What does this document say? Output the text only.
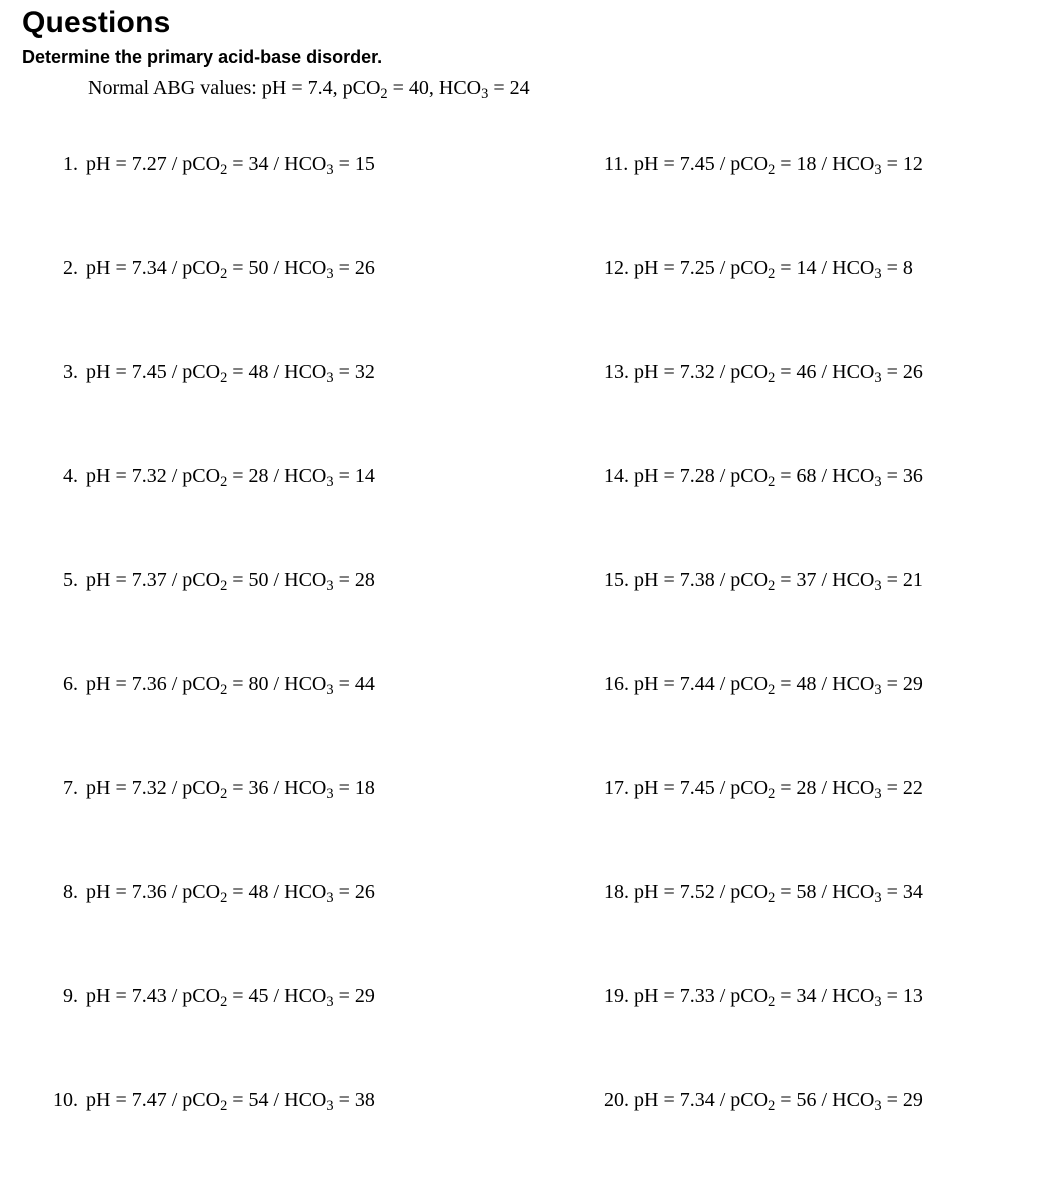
Questions
Determine the primary acid-base disorder.
Normal ABG values: pH = 7.4, pCO$_2$ = 40, $HCO_3 = 24$
1. pH = $7.27 / pCO_2 = 34 / HCO_3 = 15$
2. pH = $7.34 / pCO_2 = 50 / HCO_3 = 26$
3. pH = $7.45 / pCO_2 = 48 / HCO_3 = 32$
4. pH = $7.32 / pCO_2 = 28 / HCO_3 = 14$
5. pH = $7.37 / pCO_2 = 50 / HCO_3 = 28$
6. pH = $7.36 / pCO_2 = 80 / HCO_3 = 44$
7. pH = $7.32 / pCO_2 = 36 / HCO_3 = 18$
8. pH = $7.36 / pCO_2 = 48 / HCO_3 = 26$
9. pH = $7.43 / pCO_2 = 45 / HCO_3 = 29$
10. pH = $7.47 / pCO_2 = 54 / HCO_3 = 38$
11. pH = $7.45 / pCO_2 = 18 / HCO_3 = 12$
12. pH = $7.25 / pCO_2 = 14 / HCO_3 = 8$
13. pH = $7.32 / pCO_2 = 46 / HCO_3 = 26$
14. pH = $7.28 / pCO_2 = 68 / HCO_3 = 36$
15. pH = $7.38 / pCO_2 = 37 / HCO_3 = 21$
16. pH = $7.44 / pCO_2 = 48 / HCO_3 = 29$
17. pH = $7.45 / pCO_2 = 28 / HCO_3 = 22$
18. pH = $7.52 / pCO_2 = 58 / HCO_3 = 34$
19. pH = $7.33 / pCO_2 = 34 / HCO_3 = 13$
20. pH = $7.34 / pCO_2 = 56 / HCO_3 = 29$
